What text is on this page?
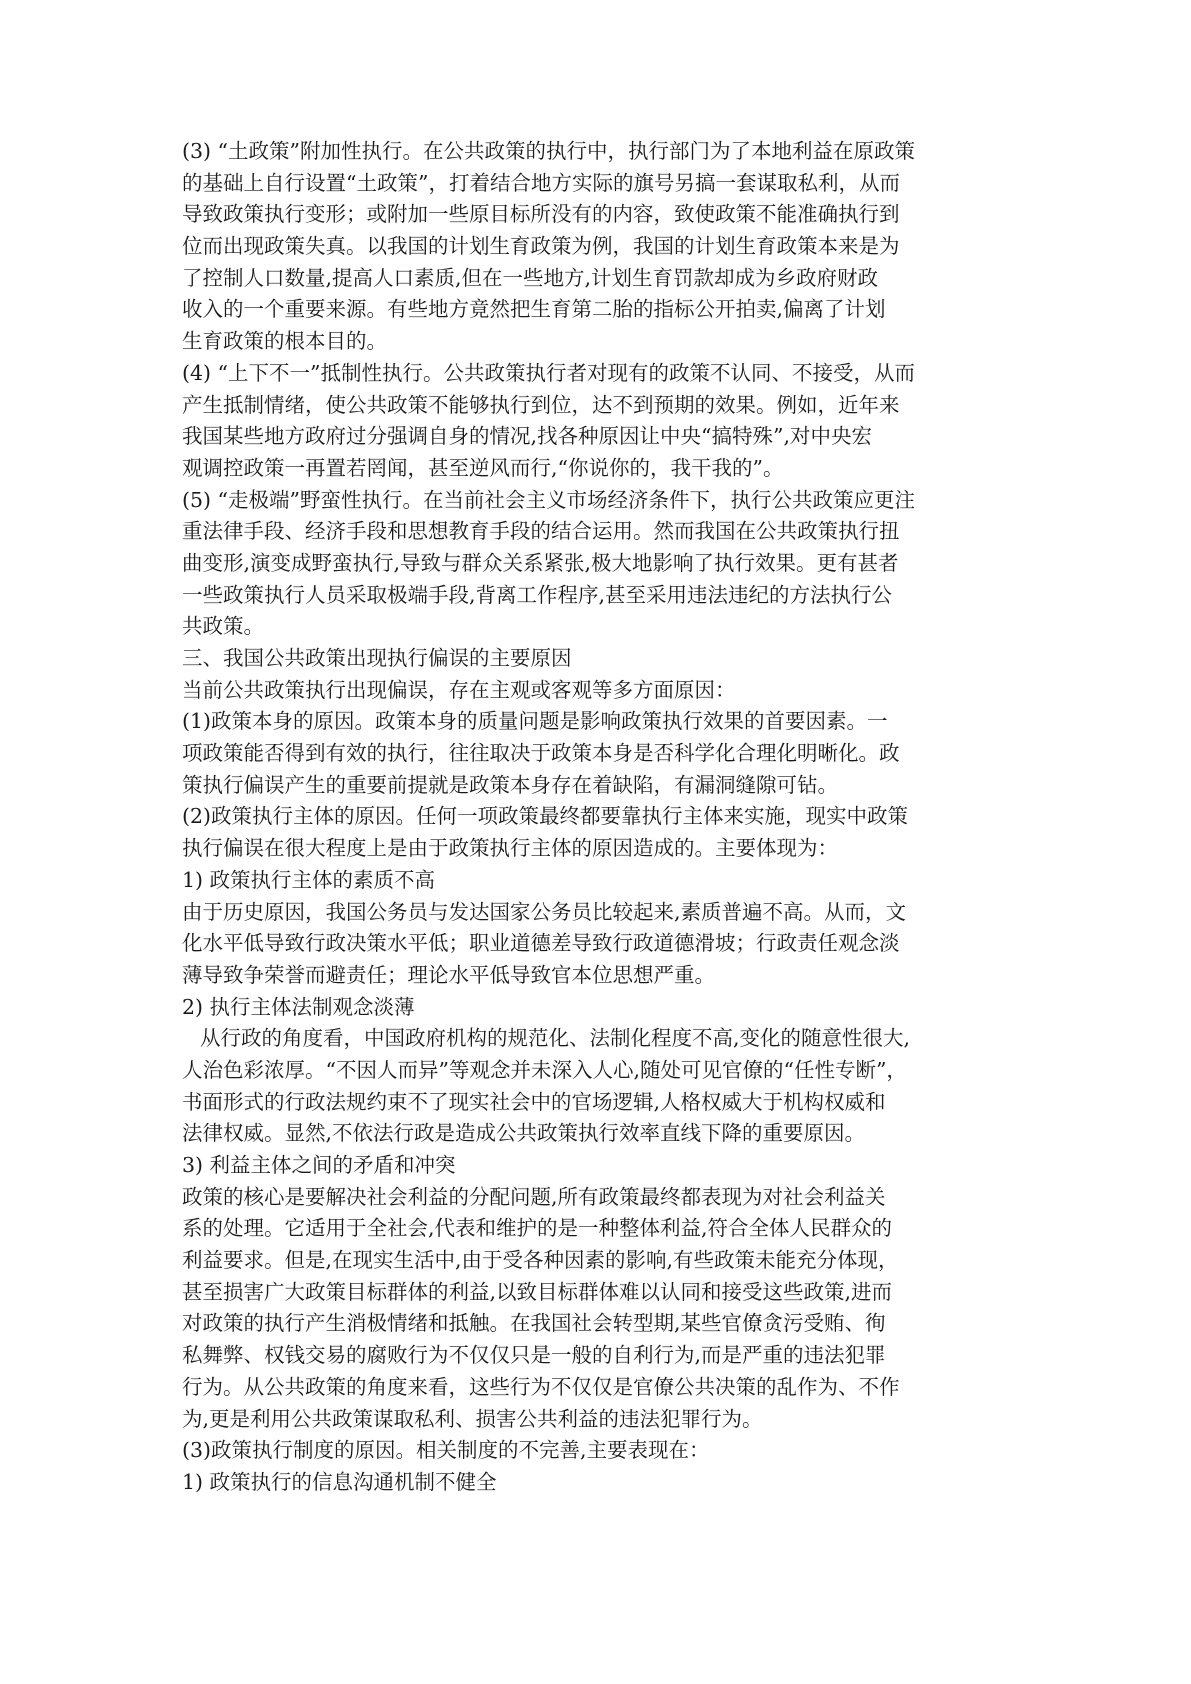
(3) “土政策”附加性执行。在公共政策的执行中，执行部门为了本地利益在原政策
的基础上自行设置“土政策”，打着结合地方实际的旗号另搞一套谋取私利，从而
导致政策执行变形；或附加一些原目标所没有的内容，致使政策不能准确执行到
位而出现政策失真。以我国的计划生育政策为例，我国的计划生育政策本来是为
了控制人口数量,提高人口素质,但在一些地方,计划生育罚款却成为乡政府财政
收入的一个重要来源。有些地方竟然把生育第二胎的指标公开拍卖,偏离了计划
生育政策的根本目的。
(4) “上下不一”抵制性执行。公共政策执行者对现有的政策不认同、不接受，从而
产生抵制情绪，使公共政策不能够执行到位，达不到预期的效果。例如，近年来
我国某些地方政府过分强调自身的情况,找各种原因让中央“搞特殊”,对中央宏
观调控政策一再置若罔闻，甚至逆风而行,“你说你的，我干我的”。
(5) “走极端”野蛮性执行。在当前社会主义市场经济条件下，执行公共政策应更注
重法律手段、经济手段和思想教育手段的结合运用。然而我国在公共政策执行扭
曲变形,演变成野蛮执行,导致与群众关系紧张,极大地影响了执行效果。更有甚者
一些政策执行人员采取极端手段,背离工作程序,甚至采用违法违纪的方法执行公
共政策。
三、我国公共政策出现执行偏误的主要原因
当前公共政策执行出现偏误，存在主观或客观等多方面原因：
(1)政策本身的原因。政策本身的质量问题是影响政策执行效果的首要因素。一
项政策能否得到有效的执行，往往取决于政策本身是否科学化合理化明晰化。政
策执行偏误产生的重要前提就是政策本身存在着缺陷，有漏洞缝隙可钻。
(2)政策执行主体的原因。任何一项政策最终都要靠执行主体来实施，现实中政策
执行偏误在很大程度上是由于政策执行主体的原因造成的。主要体现为：
1) 政策执行主体的素质不高
由于历史原因，我国公务员与发达国家公务员比较起来,素质普遍不高。从而，文
化水平低导致行政决策水平低；职业道德差导致行政道德滑坡；行政责任观念淡
薄导致争荣誉而避责任；理论水平低导致官本位思想严重。
2) 执行主体法制观念淡薄
从行政的角度看，中国政府机构的规范化、法制化程度不高,变化的随意性很大,
人治色彩浓厚。“不因人而异”等观念并未深入人心,随处可见官僚的“任性专断”，
书面形式的行政法规约束不了现实社会中的官场逻辑,人格权威大于机构权威和
法律权威。显然,不依法行政是造成公共政策执行效率直线下降的重要原因。
3) 利益主体之间的矛盾和冲突
政策的核心是要解决社会利益的分配问题,所有政策最终都表现为对社会利益关
系的处理。它适用于全社会,代表和维护的是一种整体利益,符合全体人民群众的
利益要求。但是,在现实生活中,由于受各种因素的影响,有些政策未能充分体现，
甚至损害广大政策目标群体的利益,以致目标群体难以认同和接受这些政策,进而
对政策的执行产生消极情绪和抵触。在我国社会转型期,某些官僚贪污受贿、徇
私舞弊、权钱交易的腐败行为不仅仅只是一般的自利行为,而是严重的违法犯罪
行为。从公共政策的角度来看，这些行为不仅仅是官僚公共决策的乱作为、不作
为,更是利用公共政策谋取私利、损害公共利益的违法犯罪行为。
(3)政策执行制度的原因。相关制度的不完善,主要表现在：
1) 政策执行的信息沟通机制不健全
